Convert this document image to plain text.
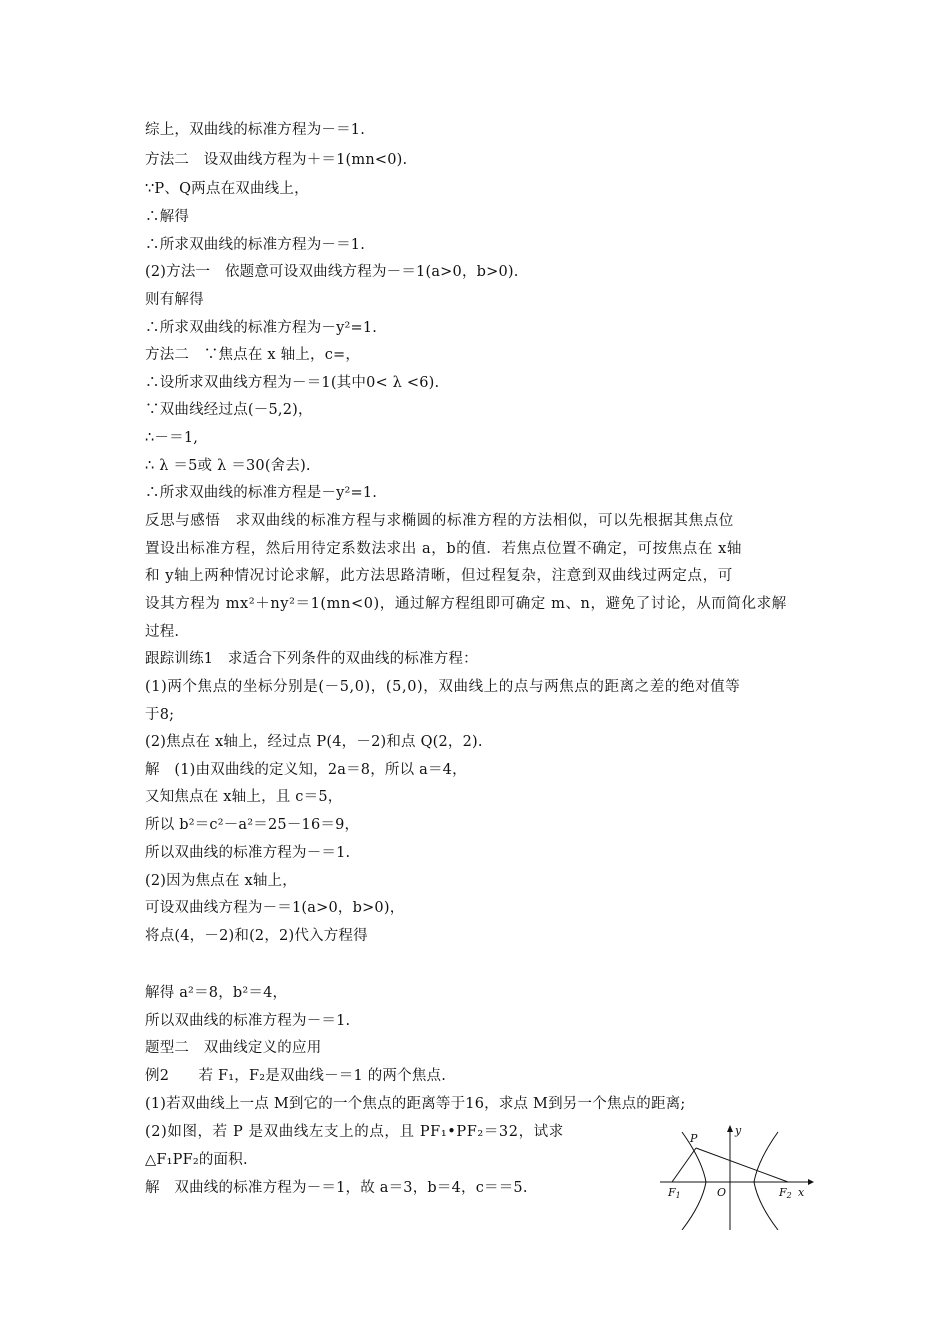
综上，双曲线的标准方程为－＝1.
方法二　设双曲线方程为＋＝1(mn<0).
∵P、Q两点在双曲线上，
∴解得
∴所求双曲线的标准方程为－＝1.
(2)方法一　依题意可设双曲线方程为－＝1(a>0，b>0).
则有解得
∴所求双曲线的标准方程为－y²=1.
方法二　∵焦点在 x 轴上，c=，
∴设所求双曲线方程为－＝1(其中0< λ <6).
∵双曲线经过点(－5,2)，
∴－＝1,
∴ λ ＝5或 λ ＝30(舍去).
∴所求双曲线的标准方程是－y²=1.
反思与感悟　求双曲线的标准方程与求椭圆的标准方程的方法相似，可以先根据其焦点位
置设出标准方程，然后用待定系数法求出 a，b的值．若焦点位置不确定，可按焦点在 x轴
和 y轴上两种情况讨论求解，此方法思路清晰，但过程复杂，注意到双曲线过两定点，可
设其方程为 mx²＋ny²＝1(mn<0)，通过解方程组即可确定 m、n，避免了讨论，从而简化求解
过程.
跟踪训练1　求适合下列条件的双曲线的标准方程：
(1)两个焦点的坐标分别是(－5,0)，(5,0)，双曲线上的点与两焦点的距离之差的绝对值等
于8;
(2)焦点在 x轴上，经过点 P(4，－2)和点 Q(2，2).
解　(1)由双曲线的定义知，2a＝8，所以 a＝4，
又知焦点在 x轴上，且 c＝5，
所以 b²＝c²－a²＝25－16＝9，
所以双曲线的标准方程为－＝1.
(2)因为焦点在 x轴上，
可设双曲线方程为－＝1(a>0，b>0)，
将点(4，－2)和(2，2)代入方程得
解得 a²＝8，b²＝4，
所以双曲线的标准方程为－＝1.
题型二　双曲线定义的应用
例2　　若 F₁，F₂是双曲线－＝1 的两个焦点.
(1)若双曲线上一点 M到它的一个焦点的距离等于16，求点 M到另一个焦点的距离;
(2)如图，若 P 是双曲线左支上的点，且 PF₁•PF₂＝32，试求
△F₁PF₂的面积.
解　双曲线的标准方程为－＝1，故 a＝3，b＝4，c＝＝5.
P
y
F1	O	F2 x
